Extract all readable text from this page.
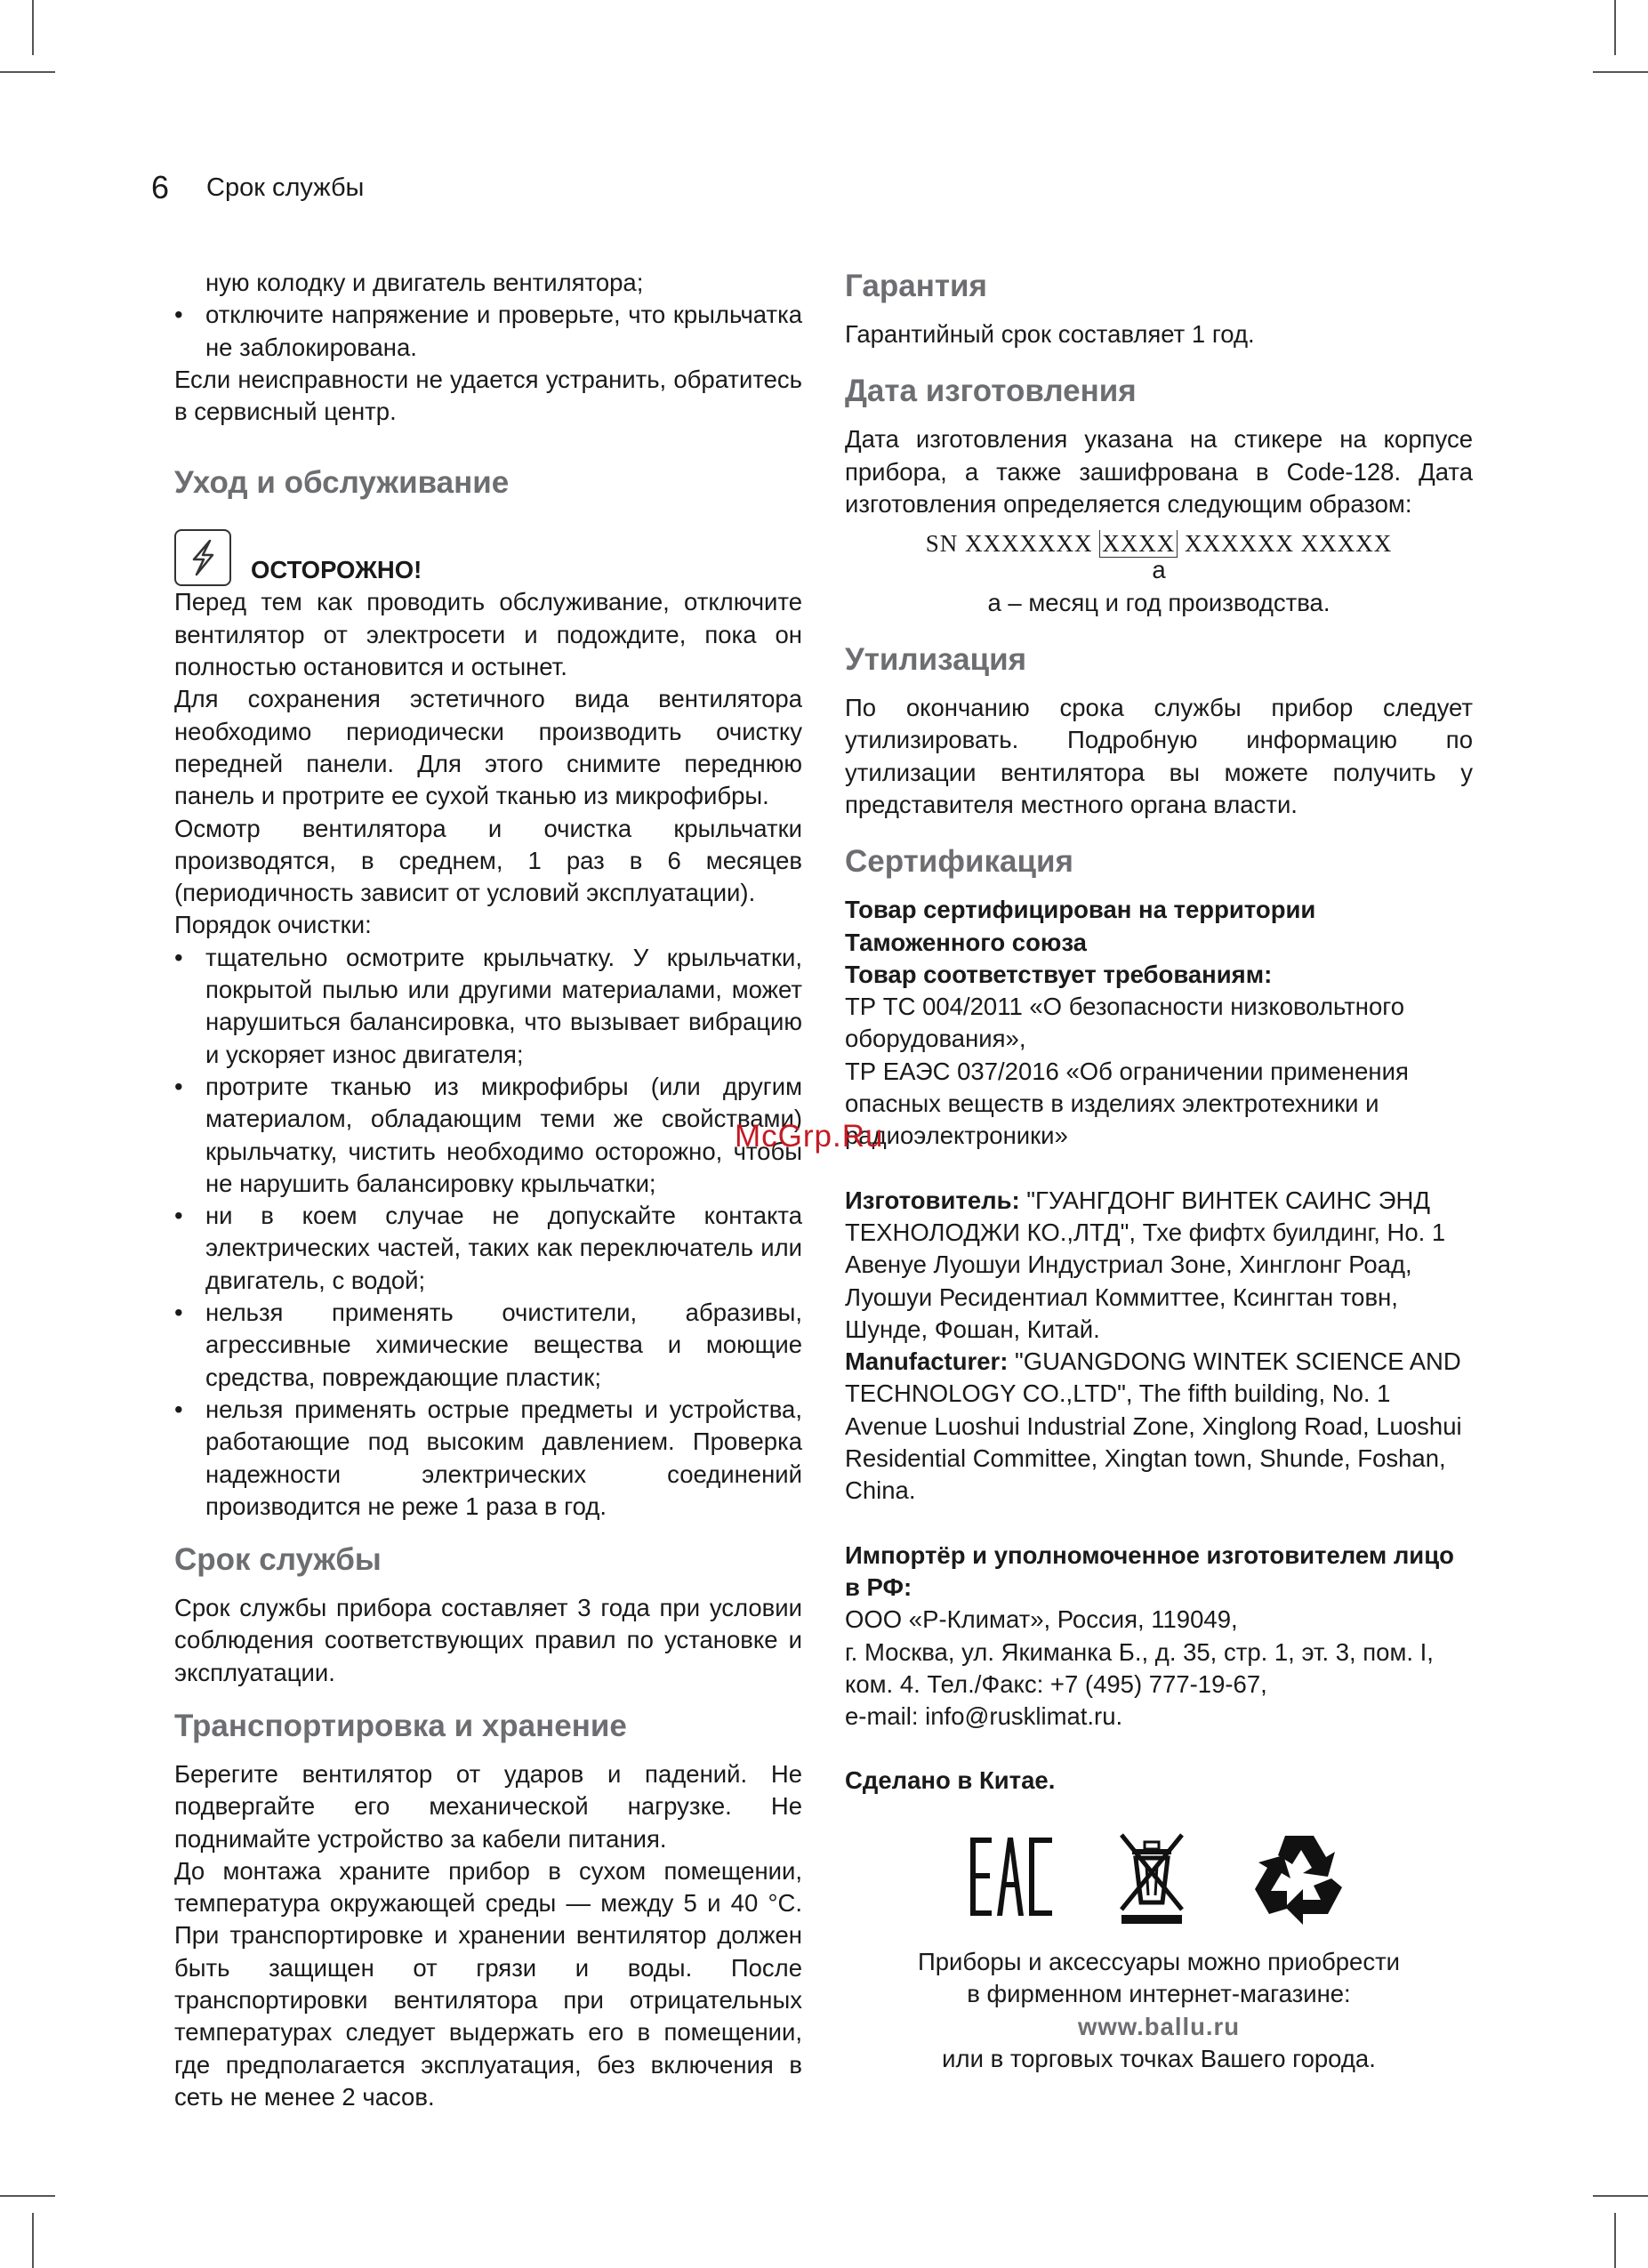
6 Срок службы

ную колодку и двигатель вентилятора;

• отключите напряжение и проверьте, что крыльчатка не заблокирована.

Если неисправности не удается устранить, обратитесь в сервисный центр.

Уход и обслуживание
ОСТОРОЖНО!

Перед тем как проводить обслуживание, отключите вентилятор от электросети и подождите, пока он полностью остановится и остынет.

Для сохранения эстетичного вида вентилятора необходимо периодически производить очистку передней панели. Для этого снимите переднюю панель и протрите ее сухой тканью из микрофибры.

Осмотр вентилятора и очистка крыльчатки производятся, в среднем, 1 раз в 6 месяцев (периодичность зависит от условий эксплуатации).

Порядок очистки:

• тщательно осмотрите крыльчатку. У крыльчатки, покрытой пылью или другими материалами, может нарушиться балансировка, что вызывает вибрацию и ускоряет износ двигателя;
• протрите тканью из микрофибры (или другим материалом, обладающим теми же свойствами) крыльчатку, чистить необходимо осторожно, чтобы не нарушить балансировку крыльчатки;
• ни в коем случае не допускайте контакта электрических частей, таких как переключатель или двигатель, с водой;
• нельзя применять очистители, абразивы, агрессивные химические вещества и моющие средства, повреждающие пластик;
• нельзя применять острые предметы и устройства, работающие под высоким давлением. Проверка надежности электрических соединений производится не реже 1 раза в год.
Срок службы

Срок службы прибора составляет 3 года при условии соблюдения соответствующих правил по установке и эксплуатации.

Транспортировка и хранение

Берегите вентилятор от ударов и падений. Не подвергайте его механической нагрузке. Не поднимайте устройство за кабели питания.

До монтажа храните прибор в сухом помещении, температура окружающей среды — между 5 и 40 °C. При транспортировке и хранении вентилятор должен быть защищен от грязи и воды. После транспортировки вентилятора при отрицательных температурах следует выдержать его в помещении, где предполагается эксплуатация, без включения в сеть не менее 2 часов.

Гарантия

Гарантийный срок составляет 1 год.

Дата изготовления

Дата изготовления указана на стикере на корпусе прибора, а также зашифрована в Code-128. Дата изготовления определяется следующим образом:

SN XXXXXXX XXXX XXXXXX XXXXX

a

a – месяц и год производства.

Утилизация

По окончанию срока службы прибор следует утилизировать. Подробную информацию по утилизации вентилятора вы можете получить у представителя местного органа власти.

Сертификация

Товар сертифицирован на территории

Таможенного союза

Товар соответствует требованиям:

ТР ТС 004/2011 «О безопасности низковольтного оборудования»,

ТР ЕАЭС 037/2016 «Об ограничении применения опасных веществ в изделиях электротехники и радиоэлектроники»

Изготовитель: "ГУАНГДОНГ ВИНТЕК САИНС ЭНД ТЕХНОЛОДЖИ КО.,ЛТД", Тхе фифтх буилдинг, Но. 1 Авенуе Луошуи Индустриал Зоне, Хинглонг Роад, Луошуи Ресидентиал Коммиттее, Ксингтан товн, Шунде, Фошан, Китай.

Manufacturer: "GUANGDONG WINTEK SCIENCE AND TECHNOLOGY CO.,LTD", The fifth building, No. 1 Avenue Luoshui Industrial Zone, Xinglong Road, Luoshui Residential Committee, Xingtan town, Shunde, Foshan, China.

Импортёр и уполномоченное изготовителем лицо в РФ:

ООО «Р-Климат», Россия, 119049,

г. Москва, ул. Якиманка Б., д. 35, стр. 1, эт. 3, пом. I, ком. 4. Тел./Факс: +7 (495) 777-19-67,

e-mail: info@rusklimat.ru.

Сделано в Китае.

Приборы и аксессуары можно приобрести

в фирменном интернет-магазине:

www.ballu.ru

или в торговых точках Вашего города.

McGrp.Ru
